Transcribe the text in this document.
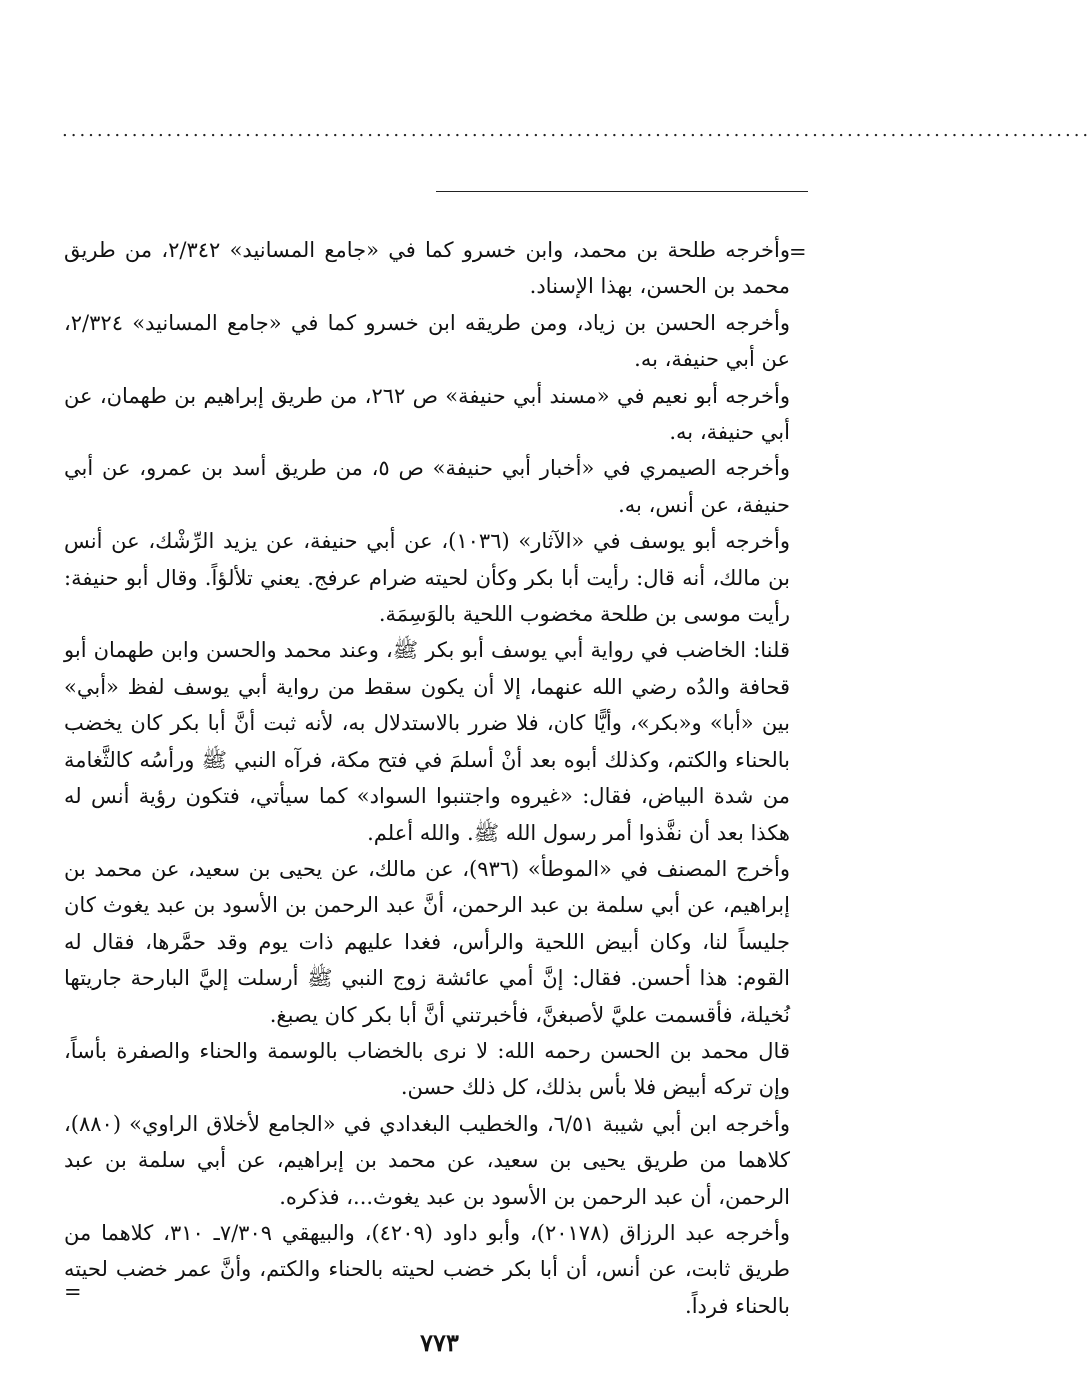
......................................................................................................................
=

وأخرجه طلحة بن محمد، وابن خسرو كما في «جامع المسانيد» ٢/٣٤٢، من طريق محمد بن الحسن، بهذا الإسناد.

وأخرجه الحسن بن زياد، ومن طريقه ابن خسرو كما في «جامع المسانيد» ٢/٣٢٤، عن أبي حنيفة، به.

وأخرجه أبو نعيم في «مسند أبي حنيفة» ص ٢٦٢، من طريق إبراهيم بن طهمان، عن أبي حنيفة، به.

وأخرجه الصيمري في «أخبار أبي حنيفة» ص ٥، من طريق أسد بن عمرو، عن أبي حنيفة، عن أنس، به.

وأخرجه أبو يوسف في «الآثار» (١٠٣٦)، عن أبي حنيفة، عن يزيد الرِّشْك، عن أنس بن مالك، أنه قال: رأيت أبا بكر وكأن لحيته ضرام عرفج. يعني تلألؤاً. وقال أبو حنيفة: رأيت موسى بن طلحة مخضوب اللحية بالوَسِمَة.

قلنا: الخاضب في رواية أبي يوسف أبو بكر ﷺ، وعند محمد والحسن وابن طهمان أبو قحافة والدُه رضي الله عنهما، إلا أن يكون سقط من رواية أبي يوسف لفظ «أبي» بين «أبا» و«بكر»، وأيًّا كان، فلا ضرر بالاستدلال به، لأنه ثبت أنَّ أبا بكر كان يخضب بالحناء والكتم، وكذلك أبوه بعد أنْ أسلمَ في فتح مكة، فرآه النبي ﷺ ورأسُه كالثَّغامة من شدة البياض، فقال: «غيروه واجتنبوا السواد» كما سيأتي، فتكون رؤية أنس له هكذا بعد أن نفَّذوا أمر رسول الله ﷺ. والله أعلم.

وأخرج المصنف في «الموطأ» (٩٣٦)، عن مالك، عن يحيى بن سعيد، عن محمد بن إبراهيم، عن أبي سلمة بن عبد الرحمن، أنَّ عبد الرحمن بن الأسود بن عبد يغوث كان جليساً لنا، وكان أبيض اللحية والرأس، فغدا عليهم ذات يوم وقد حمَّرها، فقال له القوم: هذا أحسن. فقال: إنَّ أمي عائشة زوج النبي ﷺ أرسلت إليَّ البارحة جاريتها نُخيلة، فأقسمت عليَّ لأصبغنَّ، فأخبرتني أنَّ أبا بكر كان يصبغ.

قال محمد بن الحسن رحمه الله: لا نرى بالخضاب بالوسمة والحناء والصفرة بأساً، وإن تركه أبيض فلا بأس بذلك، كل ذلك حسن.

وأخرجه ابن أبي شيبة ٦/٥١، والخطيب البغدادي في «الجامع لأخلاق الراوي» (٨٨٠)، كلاهما من طريق يحيى بن سعيد، عن محمد بن إبراهيم، عن أبي سلمة بن عبد الرحمن، أن عبد الرحمن بن الأسود بن عبد يغوث...، فذكره.

وأخرجه عبد الرزاق (٢٠١٧٨)، وأبو داود (٤٢٠٩)، والبيهقي ٧/٣٠٩ـ ٣١٠، كلاهما من طريق ثابت، عن أنس، أن أبا بكر خضب لحيته بالحناء والكتم، وأنَّ عمر خضب لحيته بالحناء فرداً.

=
٧٧٣
